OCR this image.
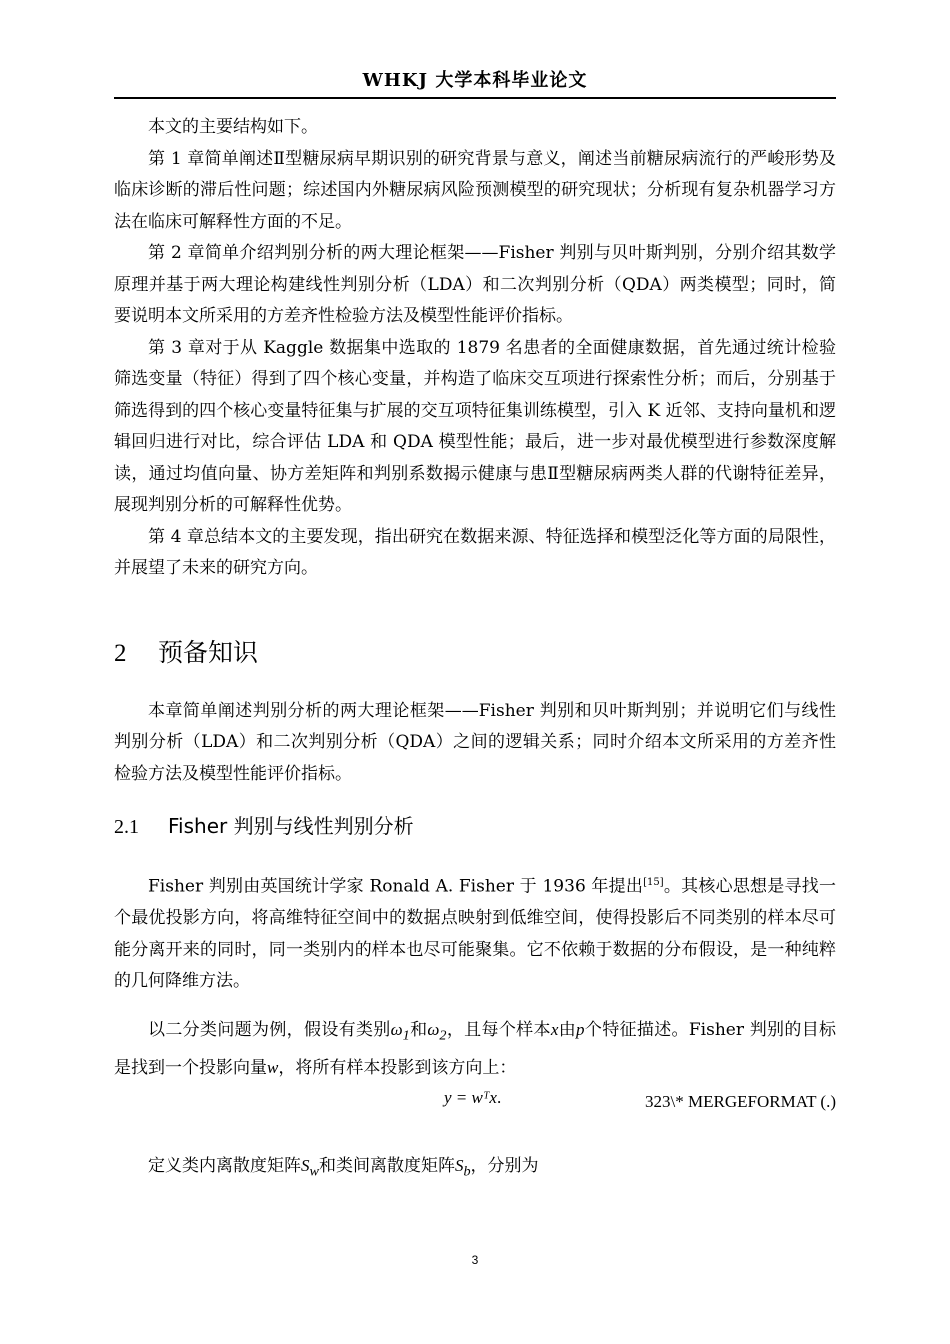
WHKJ 大学本科毕业论文

本文的主要结构如下。

第 1 章简单阐述Ⅱ型糖尿病早期识别的研究背景与意义，阐述当前糖尿病流行的严峻形势及临床诊断的滞后性问题；综述国内外糖尿病风险预测模型的研究现状；分析现有复杂机器学习方法在临床可解释性方面的不足。

第 2 章简单介绍判别分析的两大理论框架——Fisher 判别与贝叶斯判别，分别介绍其数学原理并基于两大理论构建线性判别分析（LDA）和二次判别分析（QDA）两类模型；同时，简要说明本文所采用的方差齐性检验方法及模型性能评价指标。

第 3 章对于从 Kaggle 数据集中选取的 1879 名患者的全面健康数据，首先通过统计检验筛选变量（特征）得到了四个核心变量，并构造了临床交互项进行探索性分析；而后，分别基于筛选得到的四个核心变量特征集与扩展的交互项特征集训练模型，引入 K 近邻、支持向量机和逻辑回归进行对比，综合评估 LDA 和 QDA 模型性能；最后，进一步对最优模型进行参数深度解读，通过均值向量、协方差矩阵和判别系数揭示健康与患Ⅱ型糖尿病两类人群的代谢特征差异，展现判别分析的可解释性优势。

第 4 章总结本文的主要发现，指出研究在数据来源、特征选择和模型泛化等方面的局限性，并展望了未来的研究方向。

2 预备知识

本章简单阐述判别分析的两大理论框架——Fisher 判别和贝叶斯判别；并说明它们与线性判别分析（LDA）和二次判别分析（QDA）之间的逻辑关系；同时介绍本文所采用的方差齐性检验方法及模型性能评价指标。

2.1 Fisher 判别与线性判别分析

Fisher 判别由英国统计学家 Ronald A. Fisher 于 1936 年提出[15]。其核心思想是寻找一个最优投影方向，将高维特征空间中的数据点映射到低维空间，使得投影后不同类别的样本尽可能分离开来的同时，同一类别内的样本也尽可能聚集。它不依赖于数据的分布假设，是一种纯粹的几何降维方法。

以二分类问题为例，假设有类别$\omega_1$和$\omega_2$，且每个样本x由p个特征描述。Fisher 判别的目标是找到一个投影向量w，将所有样本投影到该方向上：

y = wᵀx.	323\* MERGEFORMAT (.)

定义类内离散度矩阵$S_w$和类间离散度矩阵$S_b$，分别为

3
